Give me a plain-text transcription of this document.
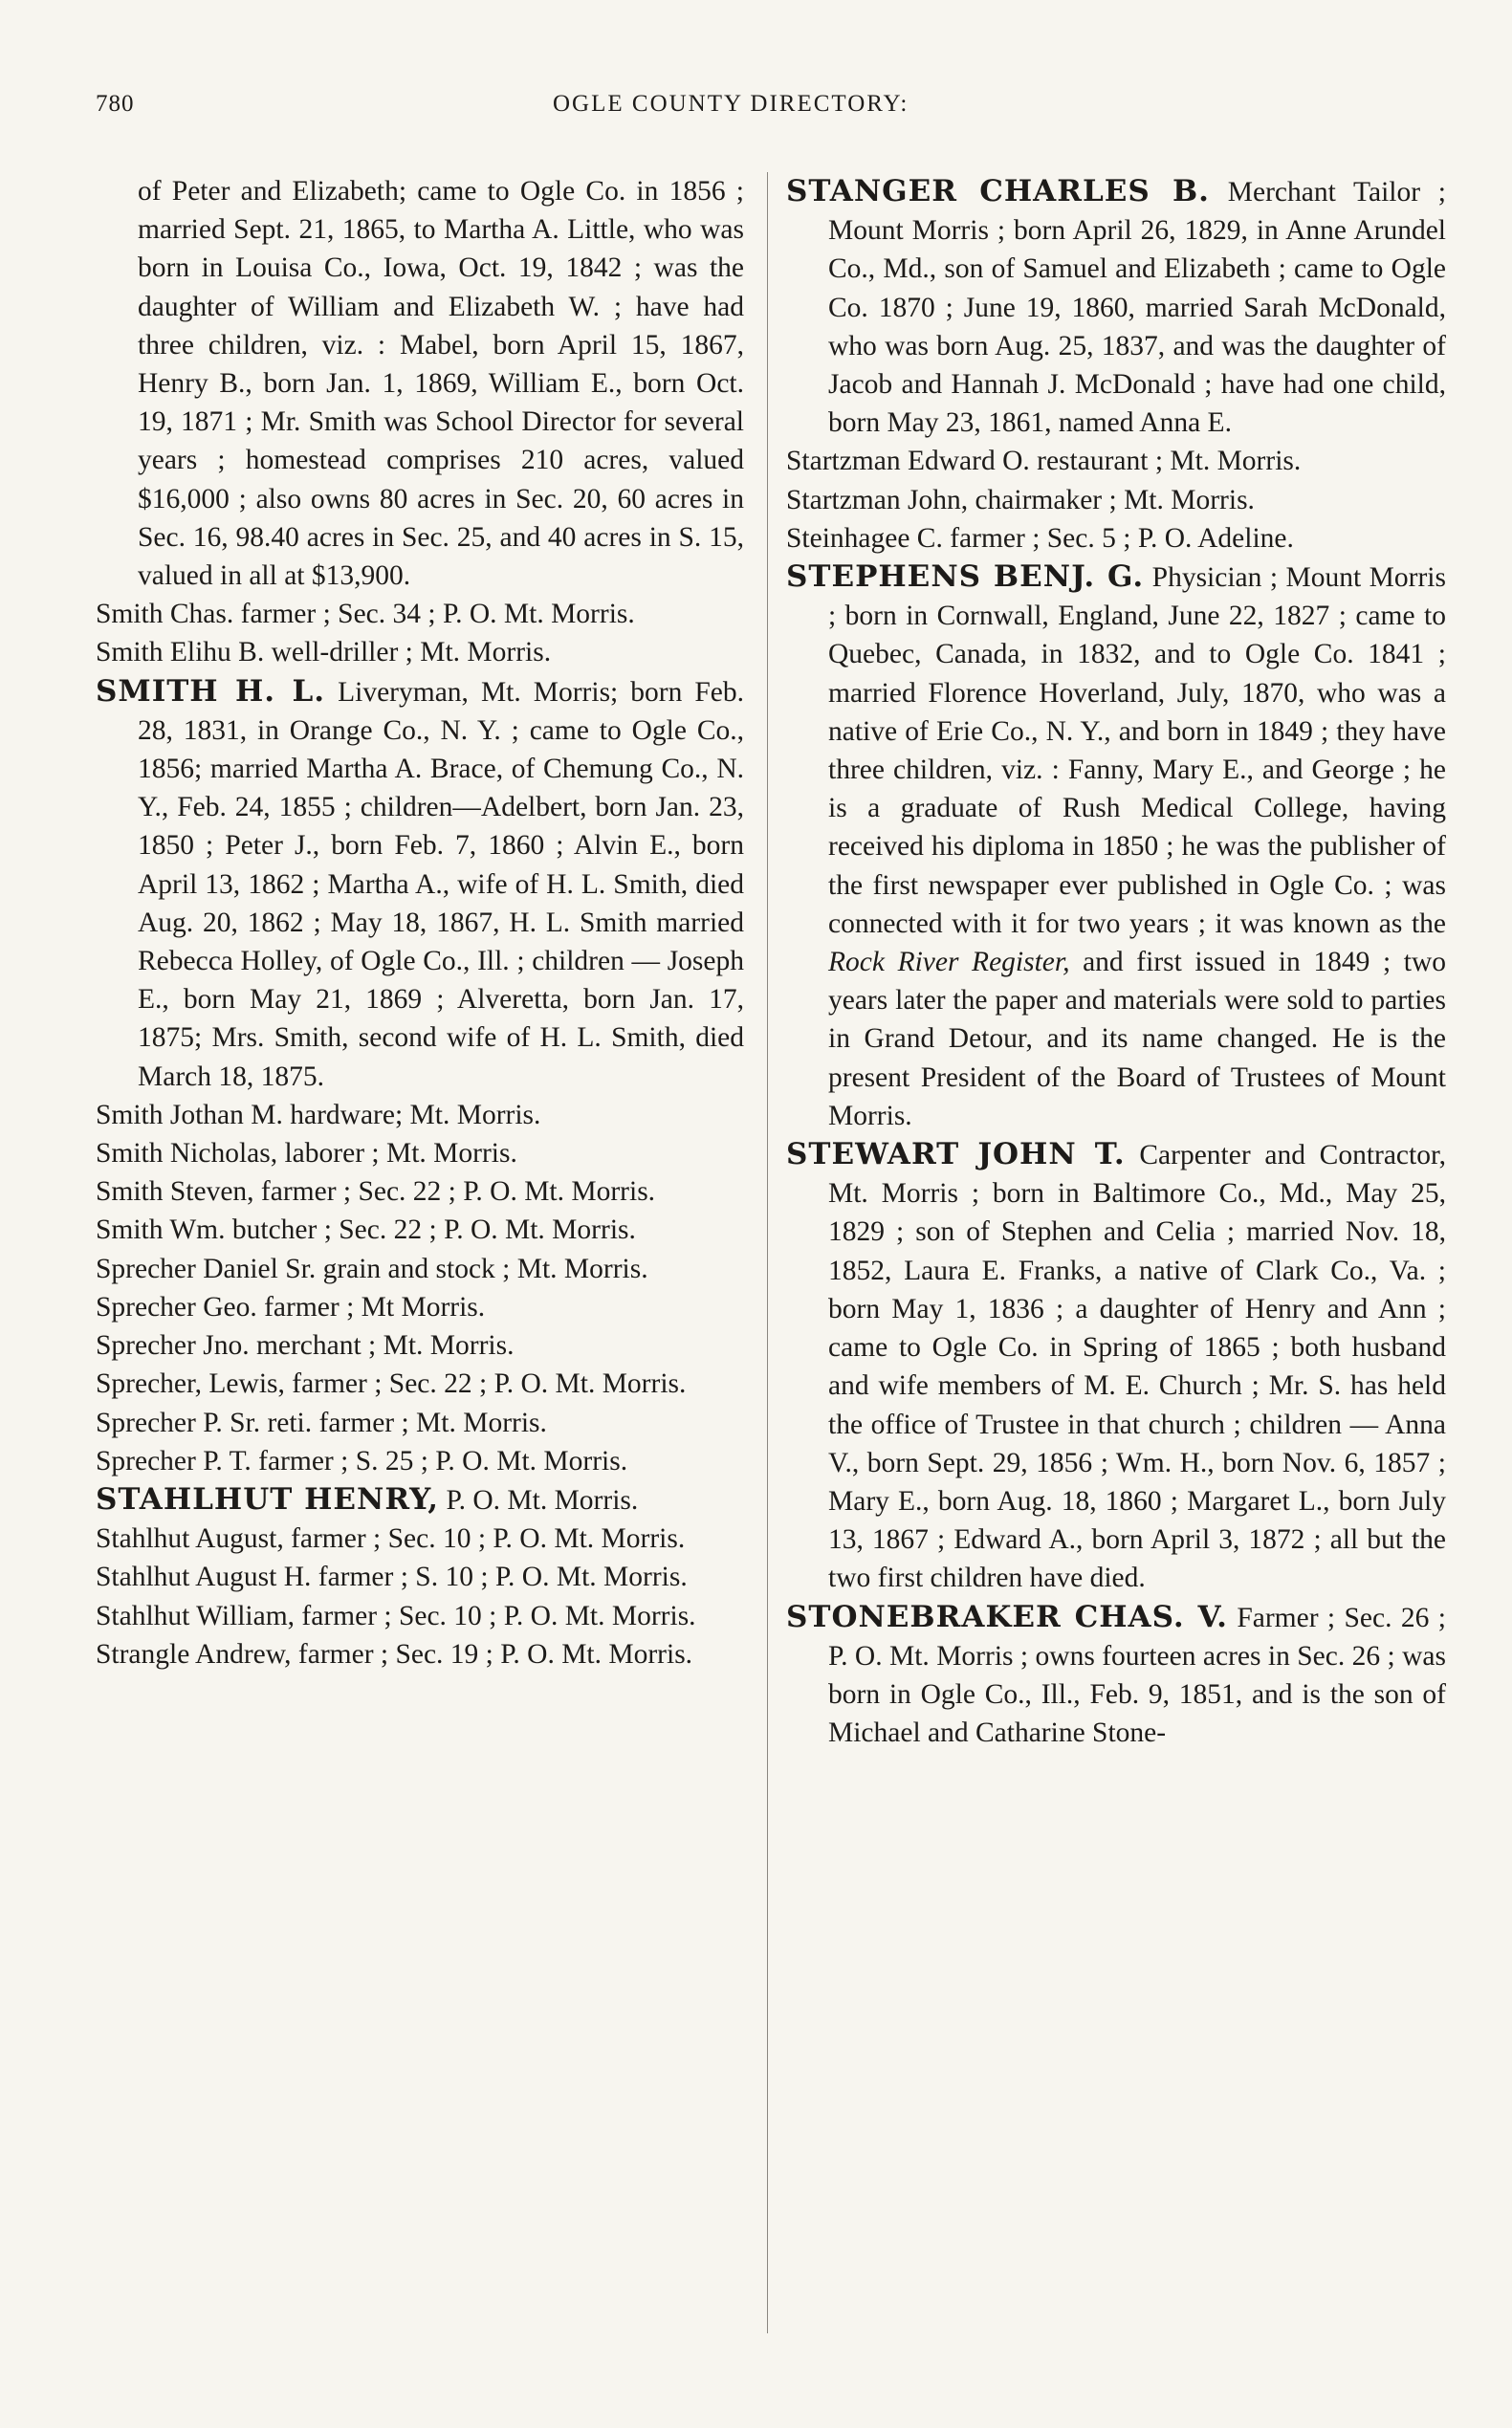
780	OGLE COUNTY DIRECTORY:

of Peter and Elizabeth; came to Ogle Co. in 1856 ; married Sept. 21, 1865, to Martha A. Little, who was born in Louisa Co., Iowa, Oct. 19, 1842 ; was the daughter of William and Elizabeth W. ; have had three children, viz. : Mabel, born April 15, 1867, Henry B., born Jan. 1, 1869, William E., born Oct. 19, 1871 ; Mr. Smith was School Director for several years ; homestead comprises 210 acres, valued $16,000 ; also owns 80 acres in Sec. 20, 60 acres in Sec. 16, 98.40 acres in Sec. 25, and 40 acres in S. 15, valued in all at $13,900.

Smith Chas. farmer ; Sec. 34 ; P. O. Mt. Morris.

Smith Elihu B. well-driller ; Mt. Morris.

SMITH H. L. Liveryman, Mt. Morris; born Feb. 28, 1831, in Orange Co., N. Y. ; came to Ogle Co., 1856; married Martha A. Brace, of Chemung Co., N. Y., Feb. 24, 1855 ; children—Adelbert, born Jan. 23, 1850 ; Peter J., born Feb. 7, 1860 ; Alvin E., born April 13, 1862 ; Martha A., wife of H. L. Smith, died Aug. 20, 1862 ; May 18, 1867, H. L. Smith married Rebecca Holley, of Ogle Co., Ill. ; children — Joseph E., born May 21, 1869 ; Alveretta, born Jan. 17, 1875; Mrs. Smith, second wife of H. L. Smith, died March 18, 1875.

Smith Jothan M. hardware; Mt. Morris.

Smith Nicholas, laborer ; Mt. Morris.

Smith Steven, farmer ; Sec. 22 ; P. O. Mt. Morris.

Smith Wm. butcher ; Sec. 22 ; P. O. Mt. Morris.

Sprecher Daniel Sr. grain and stock ; Mt. Morris.

Sprecher Geo. farmer ; Mt Morris.

Sprecher Jno. merchant ; Mt. Morris.

Sprecher, Lewis, farmer ; Sec. 22 ; P. O. Mt. Morris.

Sprecher P. Sr. reti. farmer ; Mt. Morris.

Sprecher P. T. farmer ; S. 25 ; P. O. Mt. Morris.

STAHLHUT HENRY, P. O. Mt. Morris.

Stahlhut August, farmer ; Sec. 10 ; P. O. Mt. Morris.

Stahlhut August H. farmer ; S. 10 ; P. O. Mt. Morris.

Stahlhut William, farmer ; Sec. 10 ; P. O. Mt. Morris.

Strangle Andrew, farmer ; Sec. 19 ; P. O. Mt. Morris.

STANGER CHARLES B. Merchant Tailor ; Mount Morris ; born April 26, 1829, in Anne Arundel Co., Md., son of Samuel and Elizabeth ; came to Ogle Co. 1870 ; June 19, 1860, married Sarah McDonald, who was born Aug. 25, 1837, and was the daughter of Jacob and Hannah J. McDonald ; have had one child, born May 23, 1861, named Anna E.

Startzman Edward O. restaurant ; Mt. Morris.

Startzman John, chairmaker ; Mt. Morris.

Steinhagee C. farmer ; Sec. 5 ; P. O. Adeline.

STEPHENS BENJ. G. Physician ; Mount Morris ; born in Cornwall, England, June 22, 1827 ; came to Quebec, Canada, in 1832, and to Ogle Co. 1841 ; married Florence Hoverland, July, 1870, who was a native of Erie Co., N. Y., and born in 1849 ; they have three children, viz. : Fanny, Mary E., and George ; he is a graduate of Rush Medical College, having received his diploma in 1850 ; he was the publisher of the first newspaper ever published in Ogle Co. ; was connected with it for two years ; it was known as the Rock River Register, and first issued in 1849 ; two years later the paper and materials were sold to parties in Grand Detour, and its name changed. He is the present President of the Board of Trustees of Mount Morris.

STEWART JOHN T. Carpenter and Contractor, Mt. Morris ; born in Baltimore Co., Md., May 25, 1829 ; son of Stephen and Celia ; married Nov. 18, 1852, Laura E. Franks, a native of Clark Co., Va. ; born May 1, 1836 ; a daughter of Henry and Ann ; came to Ogle Co. in Spring of 1865 ; both husband and wife members of M. E. Church ; Mr. S. has held the office of Trustee in that church ; children — Anna V., born Sept. 29, 1856 ; Wm. H., born Nov. 6, 1857 ; Mary E., born Aug. 18, 1860 ; Margaret L., born July 13, 1867 ; Edward A., born April 3, 1872 ; all but the two first children have died.

STONEBRAKER CHAS. V. Farmer ; Sec. 26 ; P. O. Mt. Morris ; owns fourteen acres in Sec. 26 ; was born in Ogle Co., Ill., Feb. 9, 1851, and is the son of Michael and Catharine Stone-
